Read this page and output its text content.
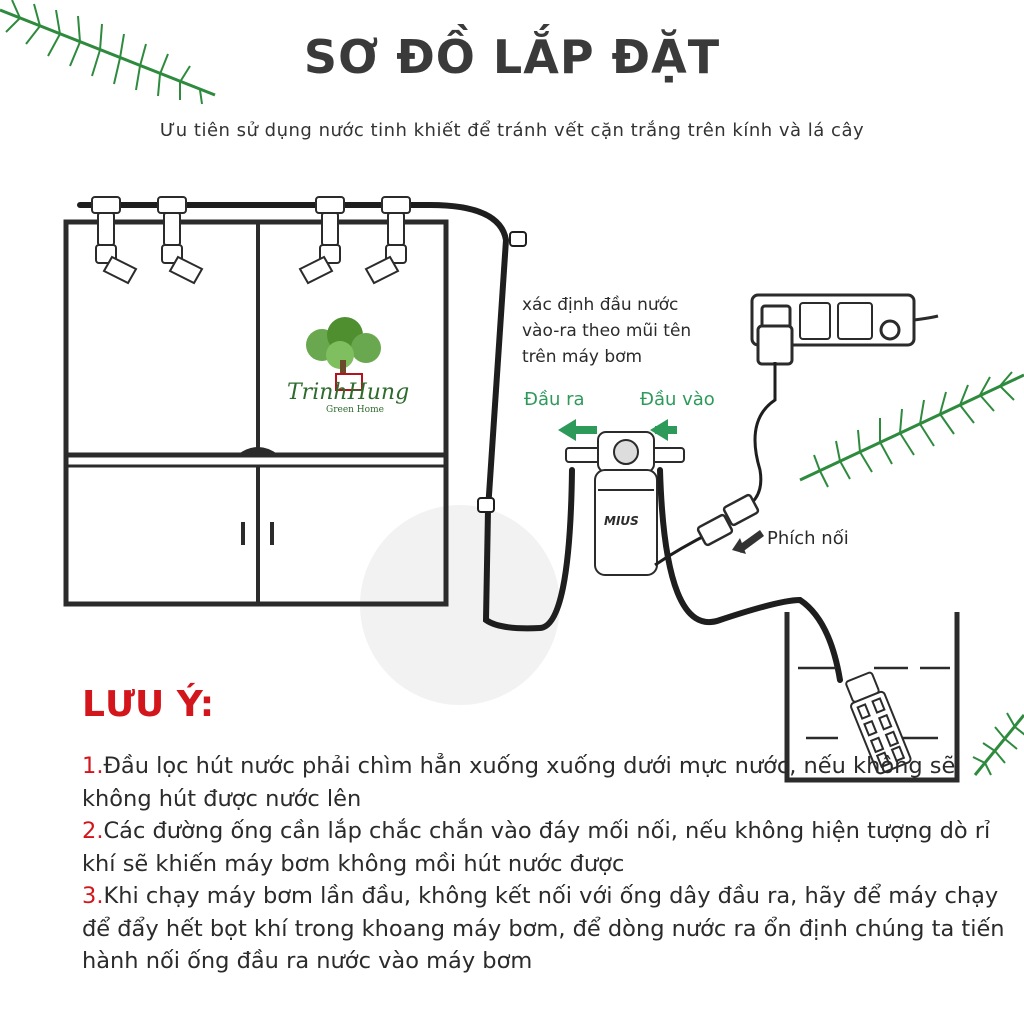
SƠ ĐỒ LẮP ĐẶT
Ưu tiên sử dụng nước tinh khiết để tránh vết cặn trắng trên kính và lá cây
xác định đầu nước
vào-ra theo mũi tên
trên máy bơm
Đầu ra	Đầu vào
Phích nối
MIUS
TrinhHung
Green Home
LƯU Ý:

1.Đầu lọc hút nước phải chìm hẳn xuống xuống dưới mực nước, nếu không sẽ không hút được nước lên

2.Các đường ống cần lắp chắc chắn vào đáy mối nối, nếu không hiện tượng dò rỉ khí sẽ khiến máy bơm không mồi hút nước được

3.Khi chạy máy bơm lần đầu, không kết nối với ống dây đầu ra, hãy để máy chạy để đẩy hết bọt khí trong khoang máy bơm, để dòng nước ra ổn định chúng ta tiến hành nối ống đầu ra nước vào máy bơm
